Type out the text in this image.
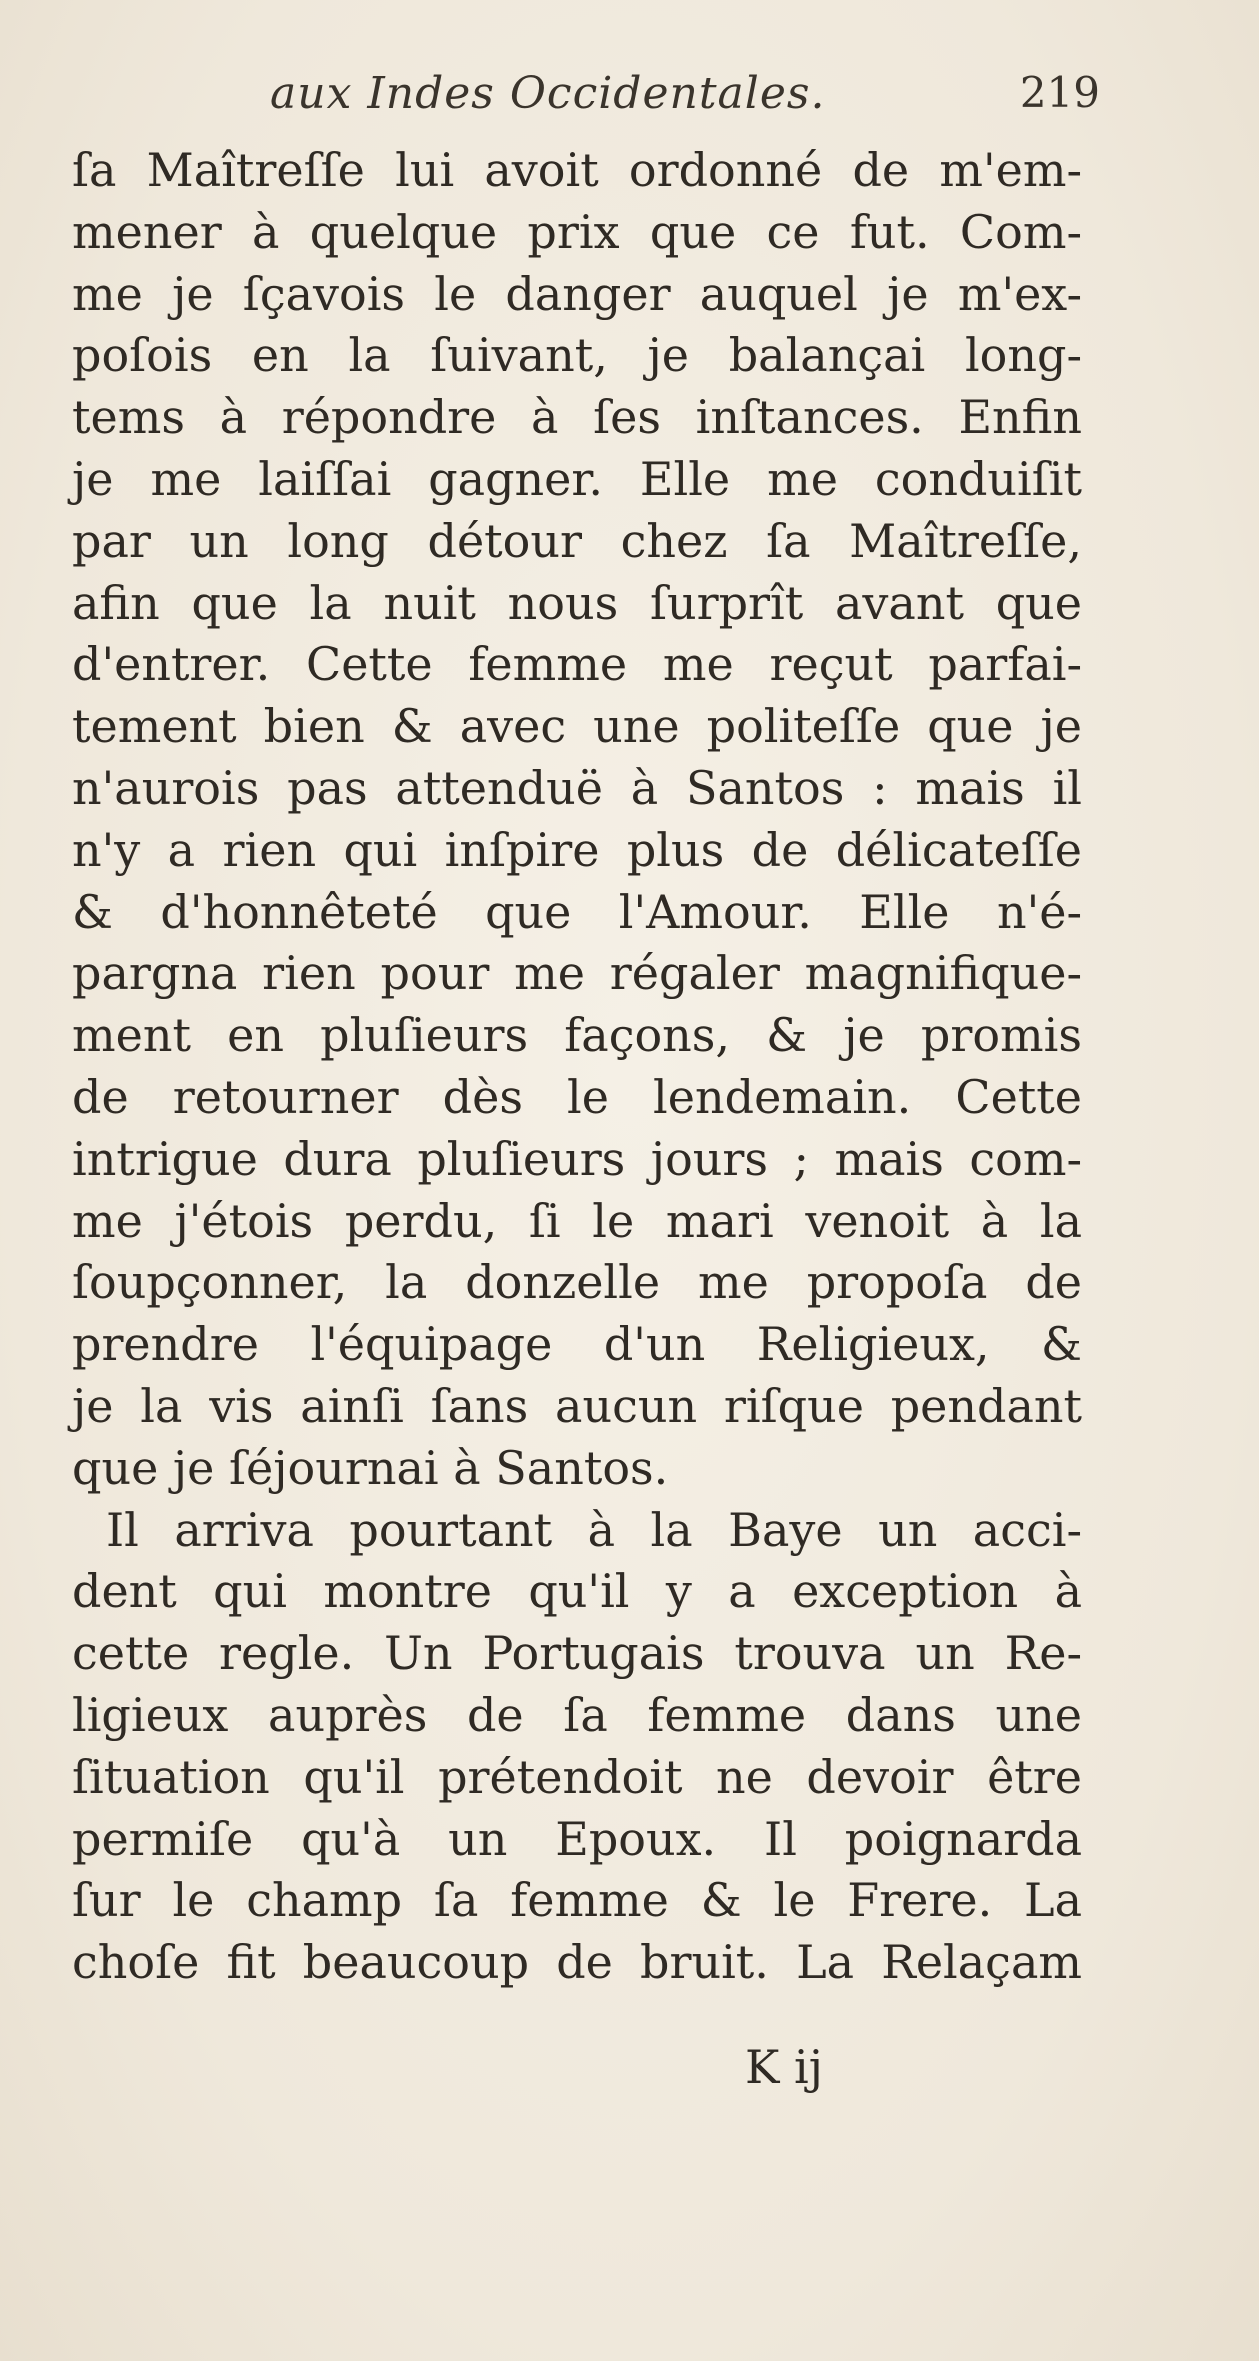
aux Indes Occidentales.	219
ſa Maîtreſſe lui avoit ordonné de m'em-
mener à quelque prix que ce fut. Com-
me je ſçavois le danger auquel je m'ex-
poſois en la ſuivant, je balançai long-
tems à répondre à ſes inſtances. Enfin
je me laiſſai gagner. Elle me conduiſit
par un long détour chez ſa Maîtreſſe,
afin que la nuit nous ſurprît avant que
d'entrer. Cette femme me reçut parfai-
tement bien & avec une politeſſe que je
n'aurois pas attenduë à Santos : mais il
n'y a rien qui inſpire plus de délicateſſe
& d'honnêteté que l'Amour. Elle n'é-
pargna rien pour me régaler magnifique-
ment en pluſieurs façons, & je promis
de retourner dès le lendemain. Cette
intrigue dura pluſieurs jours ; mais com-
me j'étois perdu, ſi le mari venoit à la
ſoupçonner, la donzelle me propoſa de
prendre l'équipage d'un Religieux, &
je la vis ainſi ſans aucun riſque pendant
que je ſéjournai à Santos.
Il arriva pourtant à la Baye un acci-
dent qui montre qu'il y a exception à
cette regle. Un Portugais trouva un Re-
ligieux auprès de ſa femme dans une
ſituation qu'il prétendoit ne devoir être
permiſe qu'à un Epoux. Il poignarda
ſur le champ ſa femme & le Frere. La
choſe fit beaucoup de bruit. La Relaçam
K ij
